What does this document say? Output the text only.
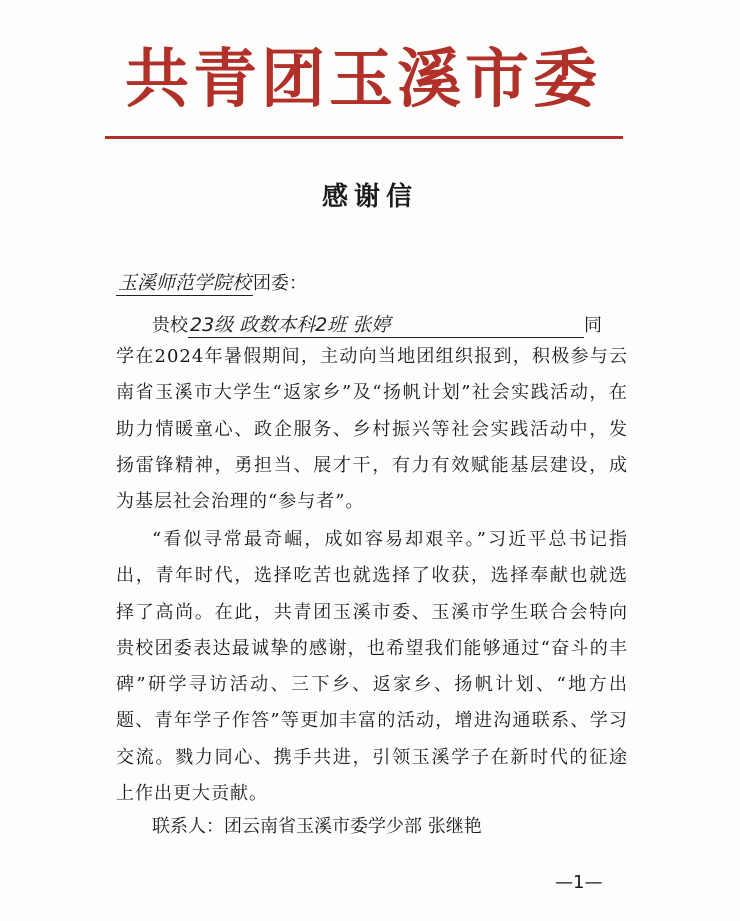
共青团玉溪市委
感谢信
玉溪师范学院校 团委：
贵校 23级 政数本科2班 张婷	同
学在2024年暑假期间，主动向当地团组织报到，积极参与云南省玉溪市大学生“返家乡”及“扬帆计划”社会实践活动，在助力情暖童心、政企服务、乡村振兴等社会实践活动中，发扬雷锋精神，勇担当、展才干，有力有效赋能基层建设，成为基层社会治理的“参与者”。
“看似寻常最奇崛，成如容易却艰辛。”习近平总书记指出，青年时代，选择吃苦也就选择了收获，选择奉献也就选择了高尚。在此，共青团玉溪市委、玉溪市学生联合会特向贵校团委表达最诚挚的感谢，也希望我们能够通过“奋斗的丰碑”研学寻访活动、三下乡、返家乡、扬帆计划、“地方出题、青年学子作答”等更加丰富的活动，增进沟通联系、学习交流。戮力同心、携手共进，引领玉溪学子在新时代的征途上作出更大贡献。
联系人：团云南省玉溪市委学少部 张继艳
—1—
